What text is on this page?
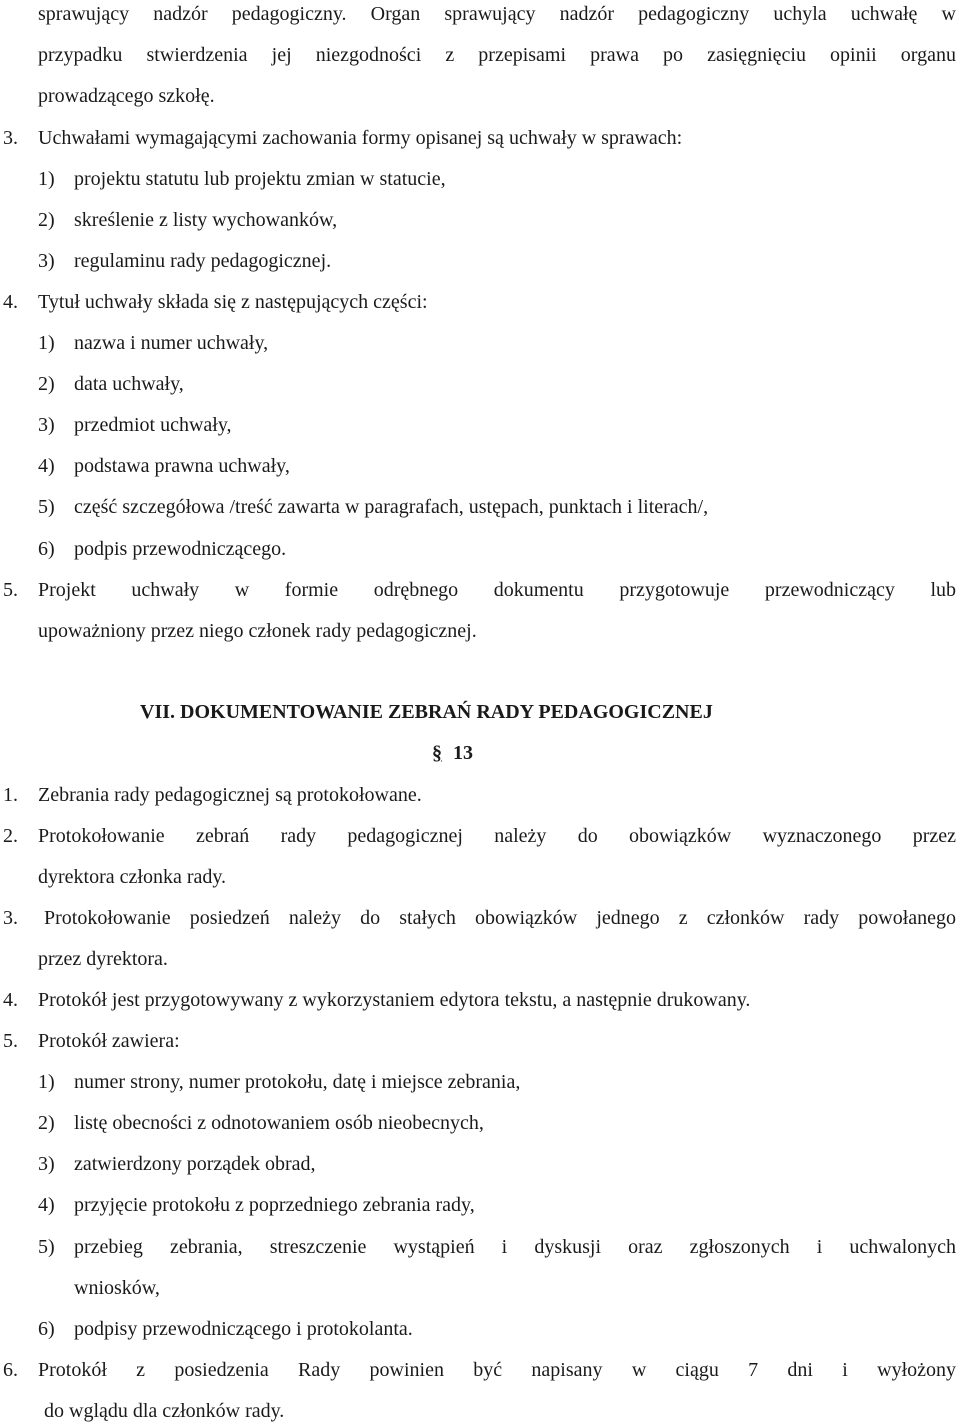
sprawujący nadzór pedagogiczny. Organ sprawujący nadzór pedagogiczny uchyla uchwałę w
przypadku stwierdzenia jej niezgodności z przepisami prawa po zasięgnięciu opinii organu
prowadzącego szkołę.
3. Uchwałami wymagającymi zachowania formy opisanej są uchwały w sprawach:
1) projektu statutu lub projektu zmian w statucie,
2) skreślenie z listy wychowanków,
3) regulaminu rady pedagogicznej.
4. Tytuł uchwały składa się z następujących części:
1) nazwa i numer uchwały,
2) data uchwały,
3) przedmiot uchwały,
4) podstawa prawna uchwały,
5) część szczegółowa /treść zawarta w paragrafach, ustępach, punktach i literach/,
6) podpis przewodniczącego.
5. Projekt uchwały w formie odrębnego dokumentu przygotowuje przewodniczący lub
upoważniony przez niego członek rady pedagogicznej.
VII. DOKUMENTOWANIE ZEBRAŃ RADY PEDAGOGICZNEJ
§ 13
1. Zebrania rady pedagogicznej są protokołowane.
2. Protokołowanie zebrań rady pedagogicznej należy do obowiązków wyznaczonego przez
dyrektora członka rady.
3. Protokołowanie posiedzeń należy do stałych obowiązków jednego z członków rady powołanego
przez dyrektora.
4. Protokół jest przygotowywany z wykorzystaniem edytora tekstu, a następnie drukowany.
5. Protokół zawiera:
1) numer strony, numer protokołu, datę i miejsce zebrania,
2) listę obecności z odnotowaniem osób nieobecnych,
3) zatwierdzony porządek obrad,
4) przyjęcie protokołu z poprzedniego zebrania rady,
5) przebieg zebrania, streszczenie wystąpień i dyskusji oraz zgłoszonych i uchwalonych
wniosków,
6) podpisy przewodniczącego i protokolanta.
6. Protokół z posiedzenia Rady powinien być napisany w ciągu 7 dni i wyłożony
do wglądu dla członków rady.
